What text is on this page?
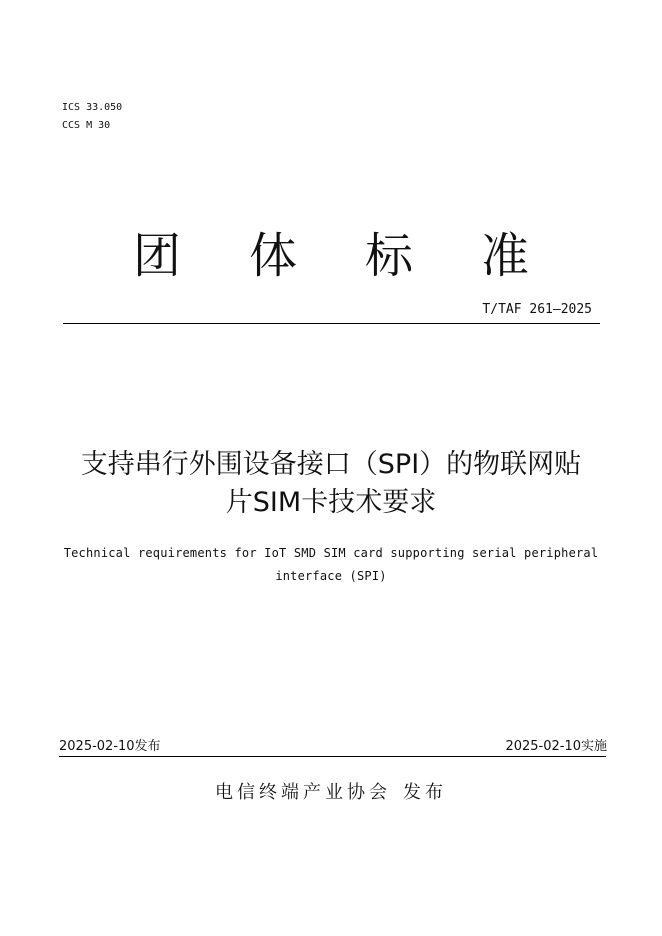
ICS 33.050
CCS M 30
团体标准
T/TAF 261—2025
支持串行外围设备接口（SPI）的物联网贴
片SIM卡技术要求
Technical requirements for IoT SMD SIM card supporting serial peripheral
interface (SPI)
2025-02-10发布	2025-02-10实施
电信终端产业协会 发布
